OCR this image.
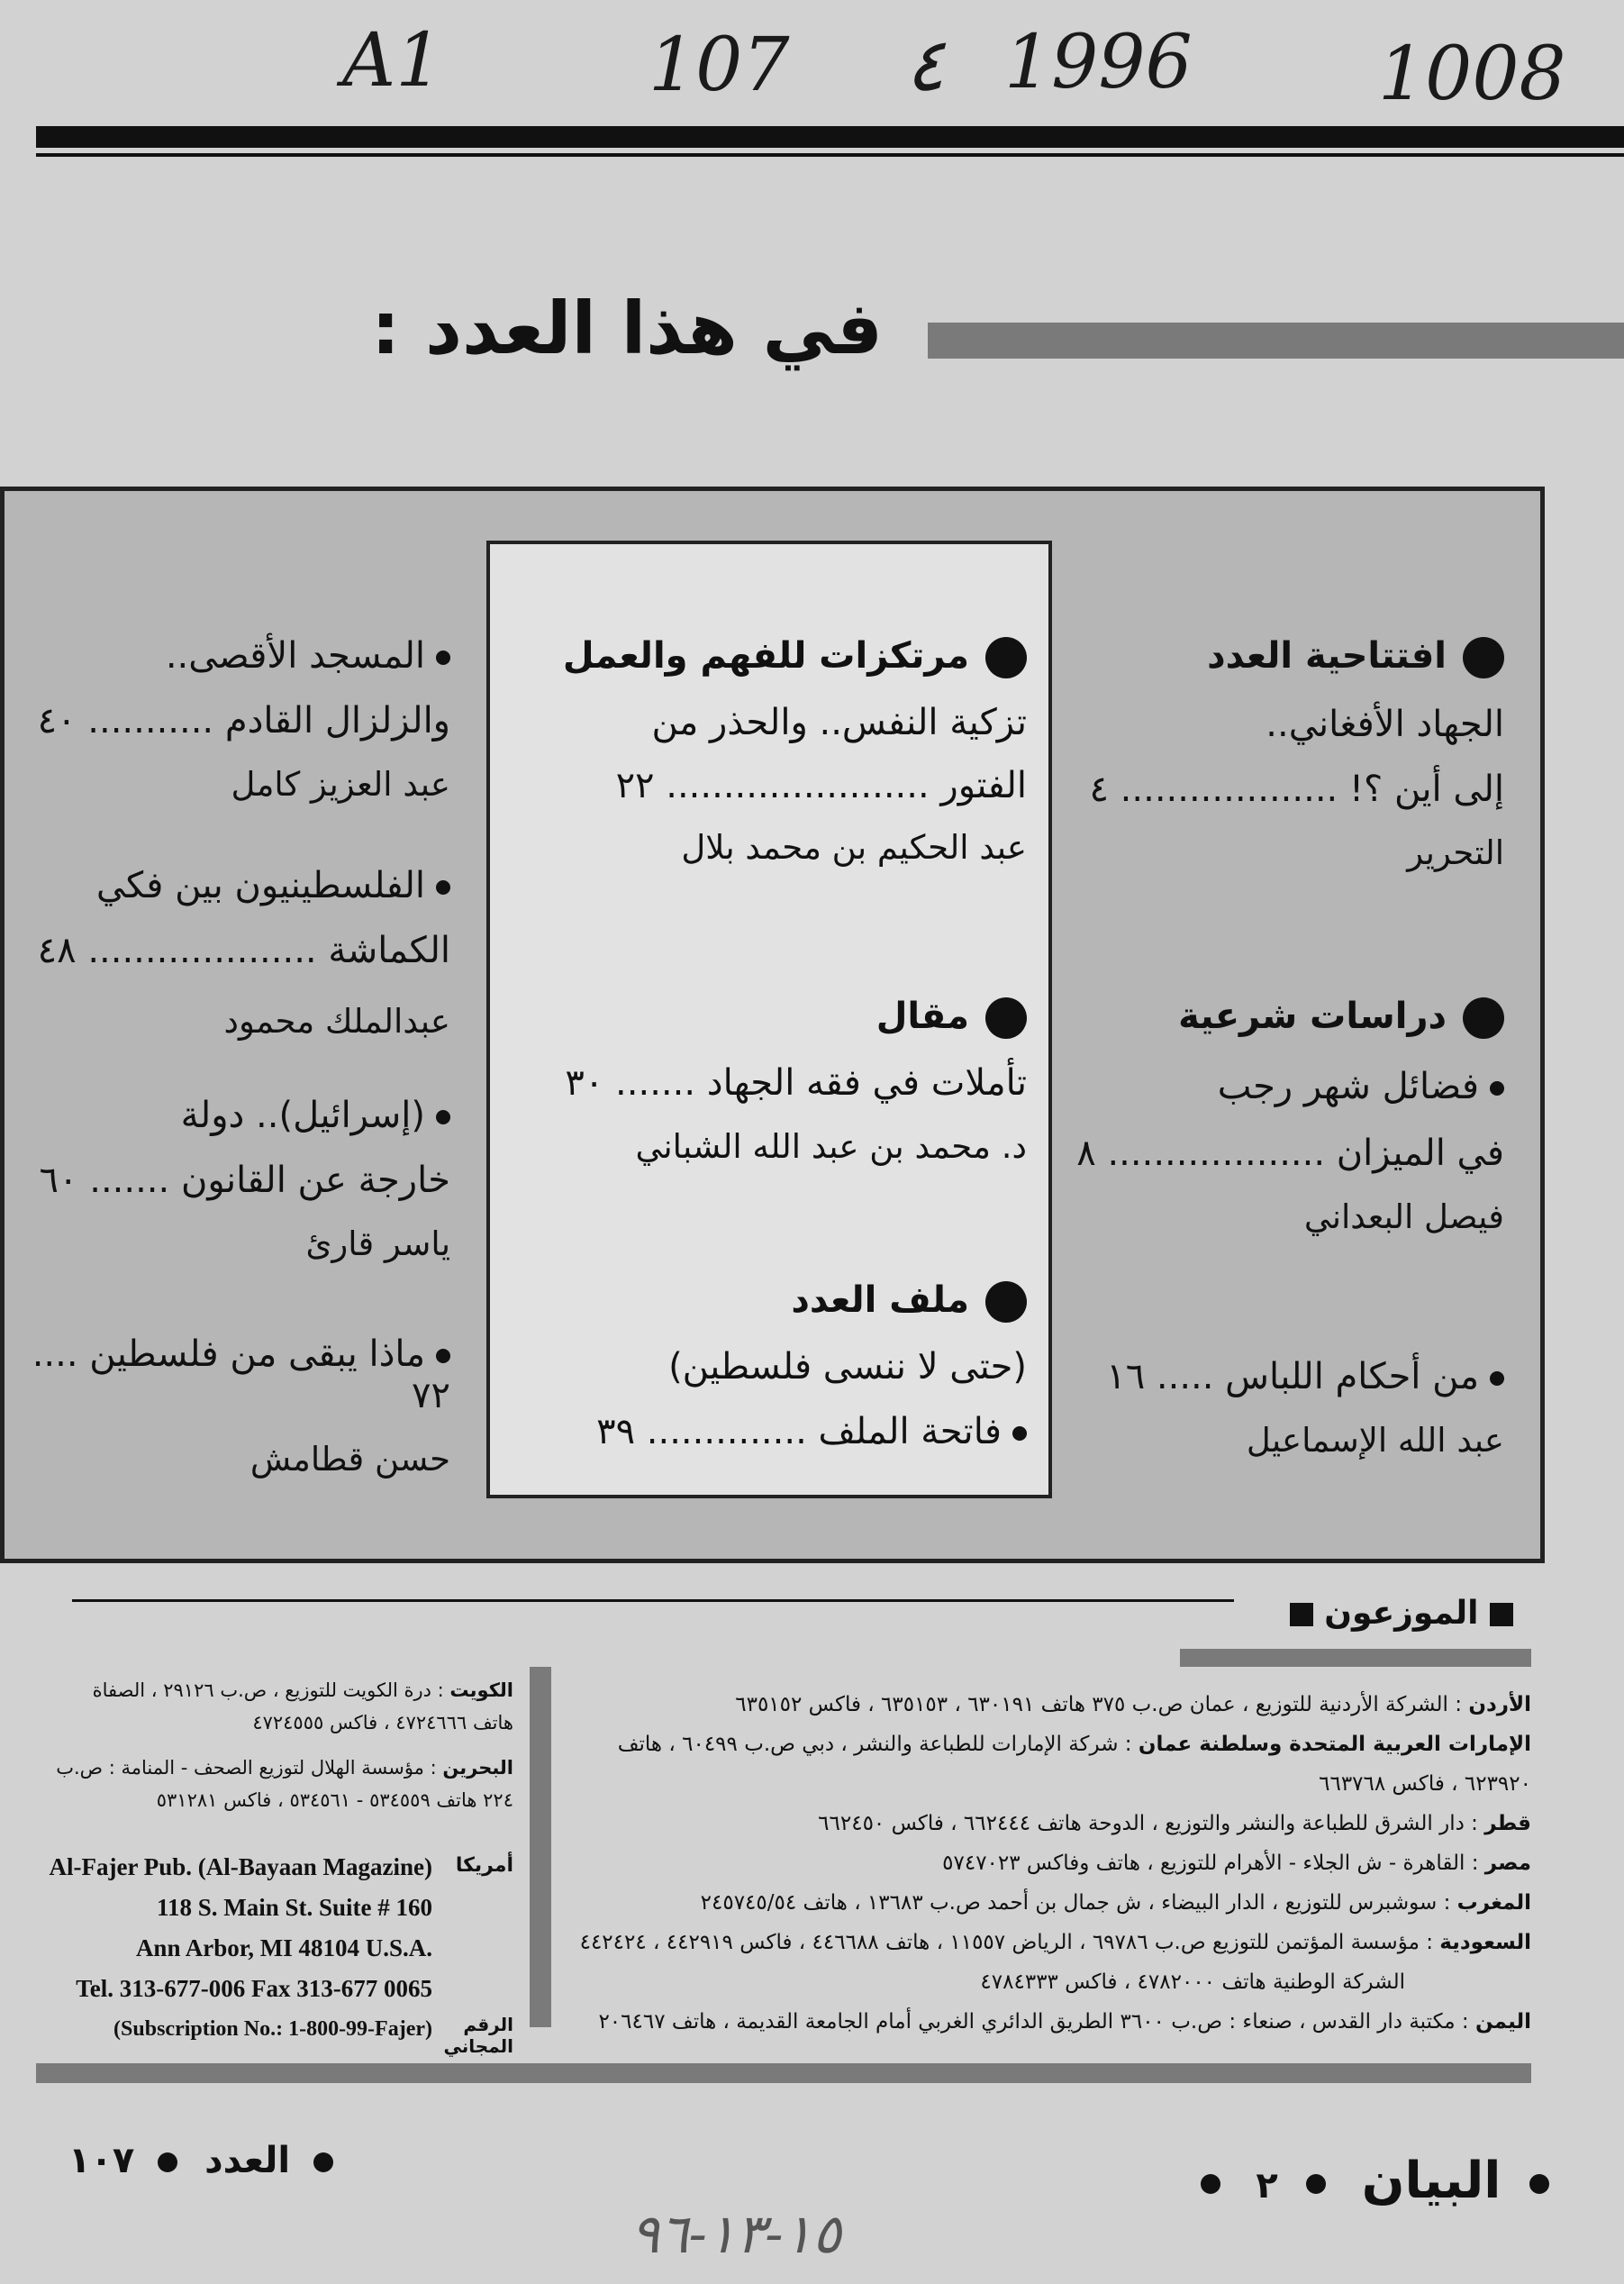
A1	107 ٤ 1996	1008
في هذا العدد :
افتتاحية العدد
الجهاد الأفغاني..
إلى أين ؟! ................... ٤
التحرير
دراسات شرعية
فضائل شهر رجب
في الميزان ................... ٨
فيصل البعداني
من أحكام اللباس ..... ١٦
عبد الله الإسماعيل
مرتكزات للفهم والعمل
تزكية النفس.. والحذر من
الفتور ....................... ٢٢
عبد الحكيم بن محمد بلال
مقال
تأملات في فقه الجهاد ....... ٣٠
د. محمد بن عبد الله الشباني
ملف العدد
(حتى لا ننسى فلسطين)
فاتحة الملف .............. ٣٩
المسجد الأقصى..
والزلزال القادم ........... ٤٠
عبد العزيز كامل
الفلسطينيون بين فكي
الكماشة .................... ٤٨
عبدالملك محمود
(إسرائيل).. دولة
خارجة عن القانون ....... ٦٠
ياسر قارئ
ماذا يبقى من فلسطين .... ٧٢
حسن قطامش
الموزعون
الأردن : الشركة الأردنية للتوزيع ، عمان ص.ب ٣٧٥ هاتف ٦٣٠١٩١ ، ٦٣٥١٥٣ ، فاكس ٦٣٥١٥٢
الإمارات العربية المتحدة وسلطنة عمان : شركة الإمارات للطباعة والنشر ، دبي ص.ب ٦٠٤٩٩ ، هاتف ٦٢٣٩٢٠ ، فاكس ٦٦٣٧٦٨
قطر : دار الشرق للطباعة والنشر والتوزيع ، الدوحة هاتف ٦٦٢٤٤٤ ، فاكس ٦٦٢٤٥٠
مصر : القاهرة - ش الجلاء - الأهرام للتوزيع ، هاتف وفاكس ٥٧٤٧٠٢٣
المغرب : سوشبرس للتوزيع ، الدار البيضاء ، ش جمال بن أحمد ص.ب ١٣٦٨٣ ، هاتف ٢٤٥٧٤٥/٥٤
السعودية : مؤسسة المؤتمن للتوزيع ص.ب ٦٩٧٨٦ ، الرياض ١١٥٥٧ ، هاتف ٤٤٦٦٨٨ ، فاكس ٤٤٢٩١٩ ، ٤٤٢٤٢٤
الشركة الوطنية هاتف ٤٧٨٢٠٠٠ ، فاكس ٤٧٨٤٣٣٣
اليمن : مكتبة دار القدس ، صنعاء : ص.ب ٣٦٠٠ الطريق الدائري الغربي أمام الجامعة القديمة ، هاتف ٢٠٦٤٦٧
الكويت : درة الكويت للتوزيع ، ص.ب ٢٩١٢٦ ، الصفاة هاتف ٤٧٢٤٦٦٦ ، فاكس ٤٧٢٤٥٥٥
البحرين : مؤسسة الهلال لتوزيع الصحف - المنامة : ص.ب ٢٢٤ هاتف ٥٣٤٥٥٩ - ٥٣٤٥٦١ ، فاكس ٥٣١٢٨١
أمريكا
Al-Fajer Pub. (Al-Bayaan Magazine)
118 S. Main St. Suite # 160
Ann Arbor, MI 48104 U.S.A.
Tel. 313-677-006 Fax 313-677 0065
(Subscription No.: 1-800-99-Fajer)	الرقم المجاني
البيان  ٢
العدد  ١٠٧
١٥-١٣-٩٦
